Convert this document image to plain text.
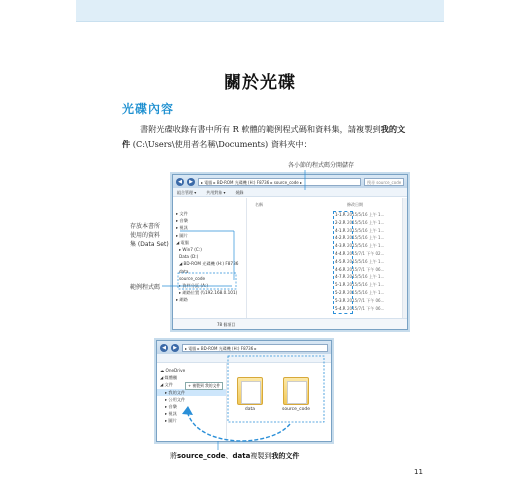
關於光碟
光碟內容
書附光碟收錄有書中所有 R 軟體的範例程式碼和資料集，請複製到我的文
件 (C:\Users\使用者名稱\Documents) 資料夾中：
各小節的程式碼分開儲存
存放本書所
使用的資料
集 (Data Set)
範例程式碼
◀	▶	▸ 電腦 ▸ BD-ROM 光碟機 (H:) F8736 ▸ source_code ▸	搜尋 source_code
組合管理 ▾	共用對象 ▾	燒錄
▸ 文件
▸ 音樂
▸ 視訊
▸ 圖片
◢ 電腦
▸ Win7 (C:)
Data (D:)
◢ BD-ROM 光碟機 (H:) F8736
data
source_code
▸ 資料分區 (A:)
▸ 網路位置 (\\192.168.0.101)
▸ 網路
名稱	修改日期
1-1.R 2015/5/16 上午 1...
2-2.R 2015/5/16 上午 1...
4-1.R 2015/5/16 上午 1...
4-2.R 2015/5/16 上午 1...
4-3.R 2015/5/16 上午 1...
4-4.R 2015/7/1 下午 02...
4-5.R 2015/5/16 上午 1...
4-6.R 2015/7/1 下午 06...
4-7.R 2015/5/16 上午 1...
5-1.R 2015/5/16 上午 1...
5-2.R 2015/5/16 上午 1...
5-3.R 2015/7/1 下午 06...
5-4.R 2015/7/1 下午 06...
78 個項目
◀	▶	▸ 電腦 ▸ BD-ROM 光碟機 (H:) F8736 ▸
☁ OneDrive
◢ 媒體櫃
◢ 文件
▸ 我的文件
▸ 公用文件
▸ 音樂
▸ 視訊
▸ 圖片
data	source_code
+ 複製到 我的文件
將source_code、data複製到我的文件
11
